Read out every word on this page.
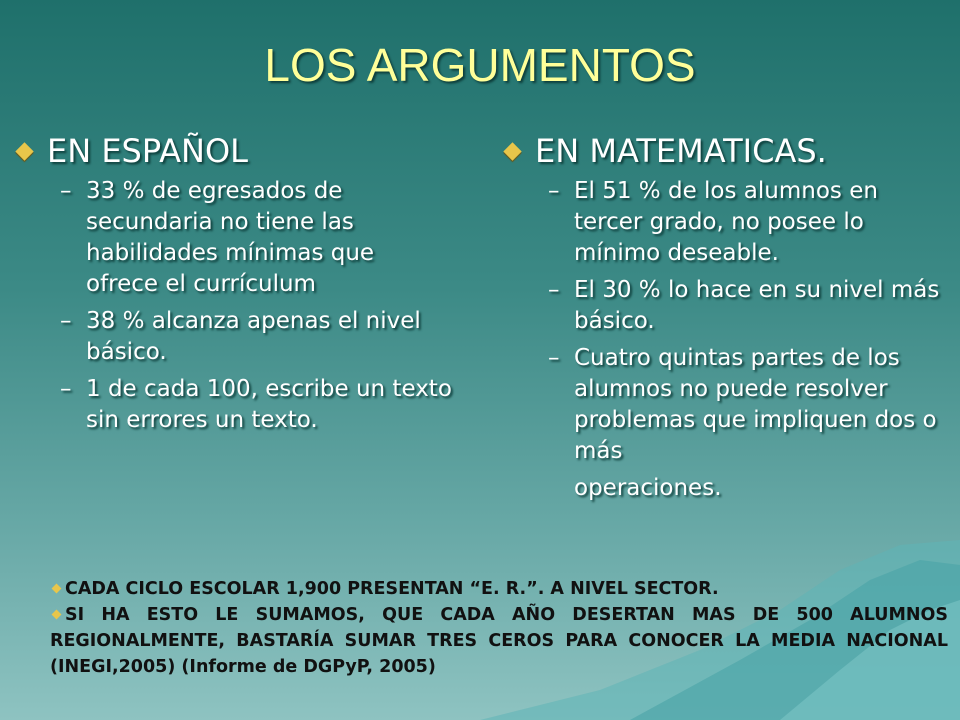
LOS ARGUMENTOS
EN ESPAÑOL
– 33 % de egresados de secundaria no tiene las habilidades mínimas que ofrece el currículum
– 38 % alcanza apenas el nivel básico.
– 1 de cada 100, escribe un texto sin errores un texto.
EN MATEMATICAS.
– El 51 % de los alumnos en tercer grado, no posee lo mínimo deseable.
– El 30 % lo hace en su nivel más básico.
– Cuatro quintas partes de los alumnos no puede resolver problemas que impliquen dos o más
operaciones.

CADA CICLO ESCOLAR 1,900 PRESENTAN “E. R.”. A NIVEL SECTOR.

SI HA ESTO LE SUMAMOS, QUE CADA AÑO DESERTAN MAS DE 500 ALUMNOS REGIONALMENTE, BASTARÍA SUMAR TRES CEROS PARA CONOCER LA MEDIA NACIONAL (INEGI,2005) (Informe de DGPyP, 2005)
